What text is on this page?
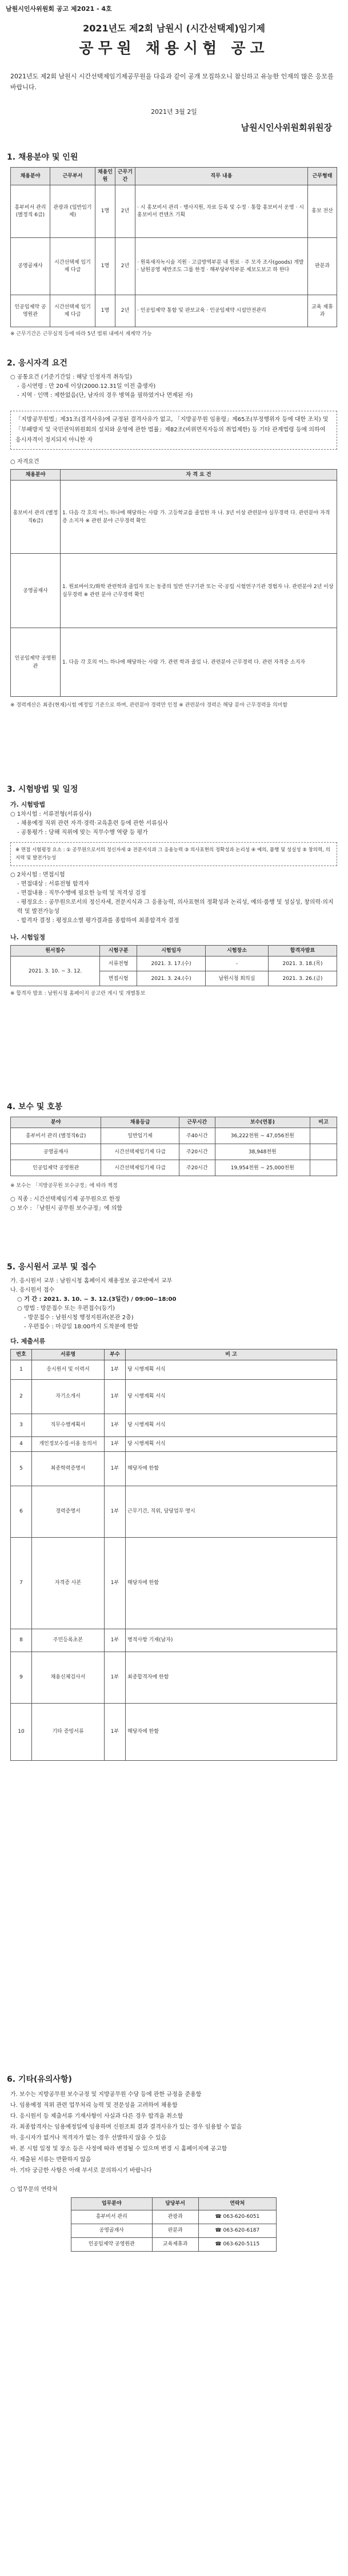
남원시인사위원회 공고 제2021 - 4호
2021년도 제2회 남원시 (시간선택제)임기제
공무원 채용시험 공고
2021년도 제2회 남원시 시간선택제임기제공무원을 다음과 같이 공개 모집하오니 참신하고 유능한 인재의 많은 응모를 바랍니다.
2021년 3월 2일
남원시인사위원회위원장
1. 채용분야 및 인원
채용분야	근무부서	채용인원	근무기간	직무 내용	근무형태
흥부비서 관리 (별정직 6급)	관광과 (일반임기제)	1명	2년	· 시 홍보비서 관리 · 행사지원, 자료 등록 및 수정 · 통합 홍보비서 운영 · 시 홍보비서 컨텐츠 기획	홍보 전산
공영골재사	시간선택제 임기제 다급	1명	2년	· 원룩새자녹시술 지원 · 고급방역부분 내 원료 · 주 모자 조사(goods) 개발 · 남원공영 제반조도 그룹 한정 · 해부당부탁부분 제보도보고 하 한다	판분과
인공임제약 공영원관	시간선택제 임기제 다급	1명	2년	· 인공임제약 통함 및 판보교육 · 인공임제약 시설안전관리	교육 제휴과
※ 근무기간은 근무실적 등에 따라 5년 범위 내에서 재계약 가능
2. 응시자격 요건
○ 공통요건 (기준기간일 : 해당 인정자격 취득일)
- 응시연령 : 만 20세 이상(2000.12.31일 이전 출생자)
- 지역 · 인맥 : 제한없음(단, 남자의 경우 병역을 필하였거나 면제된 자)
「지방공무원법」제31조(결격사유)에 규정된 결격사유가 없고, 「지방공무원 임용령」제65조(부정행위자 등에 대한 조치) 및 「부패방지 및 국민권익위원회의 설치와 운영에 관한 법률」제82조(비위면직자등의 취업제한) 등 기타 관계법령 등에 의하여 응시자격이 정지되지 아니한 자
○ 자격요건
채용분야	자 격 요 건
홍보비서 관리 (별정직6급)	1. 다음 각 호의 어느 하나에 해당하는 사람 가. 고등학교를 졸업한 자 나. 3년 이상 관련분야 실무경력 다. 관련분야 자격증 소지자 ※ 관련 분야 근무경력 확인
공영골재사	1. 원료바이오/화학 관련학과 졸업자 또는 동종의 일반 연구기관 또는 국·공립 시험연구기관 경험자 나. 관련분야 2년 이상 실무경력 ※ 관련 분야 근무경력 확인
인공임제약 공영원관	1. 다음 각 호의 어느 하나에 해당하는 사람 가. 관련 학과 졸업 나. 관련분야 근무경력 다. 관련 자격증 소지자
※ 경력계산은 최종(현재)시험 예정일 기준으로 하며, 관련분야 경력만 인정 ※ 관련분야 경력은 해당 분야 근무경력을 의미함
3. 시험방법 및 일정
가. 시험방법
○ 1차시험 : 서류전형(서류심사)
- 채용예정 직위 관련 자격·경력·교육훈련 등에 관한 서류심사
- 공통평가 : 당해 직위에 맞는 직무수행 역량 등 평가
※ 면접 시험평정 요소 : ① 공무원으로서의 정신자세 ② 전문지식과 그 응용능력 ③ 의사표현의 정확성과 논리성 ④ 예의, 품행 및 성실성 ⑤ 창의력, 의지력 및 발전가능성
○ 2차시험 : 면접시험
- 면접대상 : 서류전형 합격자
- 면접내용 : 직무수행에 필요한 능력 및 적격성 검정
- 평정요소 : 공무원으로서의 정신자세, 전문지식과 그 응용능력, 의사표현의 정확성과 논리성, 예의·품행 및 성실성, 창의력·의지력 및 발전가능성
- 합격자 결정 : 평정요소별 평가결과를 종합하여 최종합격자 결정
나. 시험일정
원서접수	시험구분	시험일자	시험장소	합격자발표
2021. 3. 10. ~ 3. 12.	서류전형	2021. 3. 17.(수)	-	2021. 3. 18.(목)
	면접시험	2021. 3. 24.(수)	남원시청 회의실	2021. 3. 26.(금)
※ 합격자 발표 : 남원시청 홈페이지 공고란 게시 및 개별통보
4. 보수 및 호봉
분야	채용등급	근무시간	보수(연봉)	비고
흥부비서 관리 (별정직6급)	일반임기제	주40시간	36,222천원 ~ 47,056천원	
공영골재사	시간선택제임기제 다급	주20시간	38,948천원	
인공임제약 공영원관	시간선택제임기제 다급	주20시간	19,954천원 ~ 25,000천원	
※ 보수는 「지방공무원 보수규정」에 따라 책정
○ 직종 : 시간선택제임기제 공무원으로 한정
○ 보수 : 「남원시 공무원 보수규정」에 의함
5. 응시원서 교부 및 접수
가. 응시원서 교부 : 남원시청 홈페이지 채용정보 공고란에서 교부
나. 응시원서 접수
○ 기 간 : 2021. 3. 10. ~ 3. 12.(3일간) / 09:00~18:00
○ 방법 : 방문접수 또는 우편접수(등기)
- 방문접수 : 남원시청 행정지원과(본관 2층)
- 우편접수 : 마감일 18:00까지 도착분에 한함
다. 제출서류
번호	서류명	부수	비 고
1	응시원서 및 이력서	1부	당 시행계획 서식
2	자기소개서	1부	당 시행계획 서식
3	직무수행계획서	1부	당 시행계획 서식
4	개인정보수집·이용 동의서	1부	당 시행계획 서식
5	최종학력증명서	1부	해당자에 한함
6	경력증명서	1부	근무기간, 직위, 담당업무 명시
7	자격증 사본	1부	해당자에 한함
8	주민등록초본	1부	병적사항 기재(남자)
9	채용신체검사서	1부	최종합격자에 한함
10	기타 증빙서류	1부	해당자에 한함
6. 기타(유의사항)
가. 보수는 지방공무원 보수규정 및 지방공무원 수당 등에 관한 규정을 준용함
나. 임용예정 직위 관련 업무처리 능력 및 전문성을 고려하여 채용함
다. 응시원서 등 제출서류 기재사항이 사실과 다른 경우 합격을 취소함
라. 최종합격자는 임용예정일에 임용하며 신원조회 결과 결격사유가 있는 경우 임용할 수 없음
마. 응시자가 없거나 적격자가 없는 경우 선발하지 않을 수 있음
바. 본 시험 일정 및 장소 등은 사정에 따라 변경될 수 있으며 변경 시 홈페이지에 공고함
사. 제출된 서류는 반환하지 않음
아. 기타 궁금한 사항은 아래 부서로 문의하시기 바랍니다
○ 업무문의 연락처
업무분야	담당부서	연락처
흥부비서 관리	관광과	☎ 063-620-6051
공영골재사	판분과	☎ 063-620-6187
인공임제약 공영원관	교육제휴과	☎ 063-620-5115
